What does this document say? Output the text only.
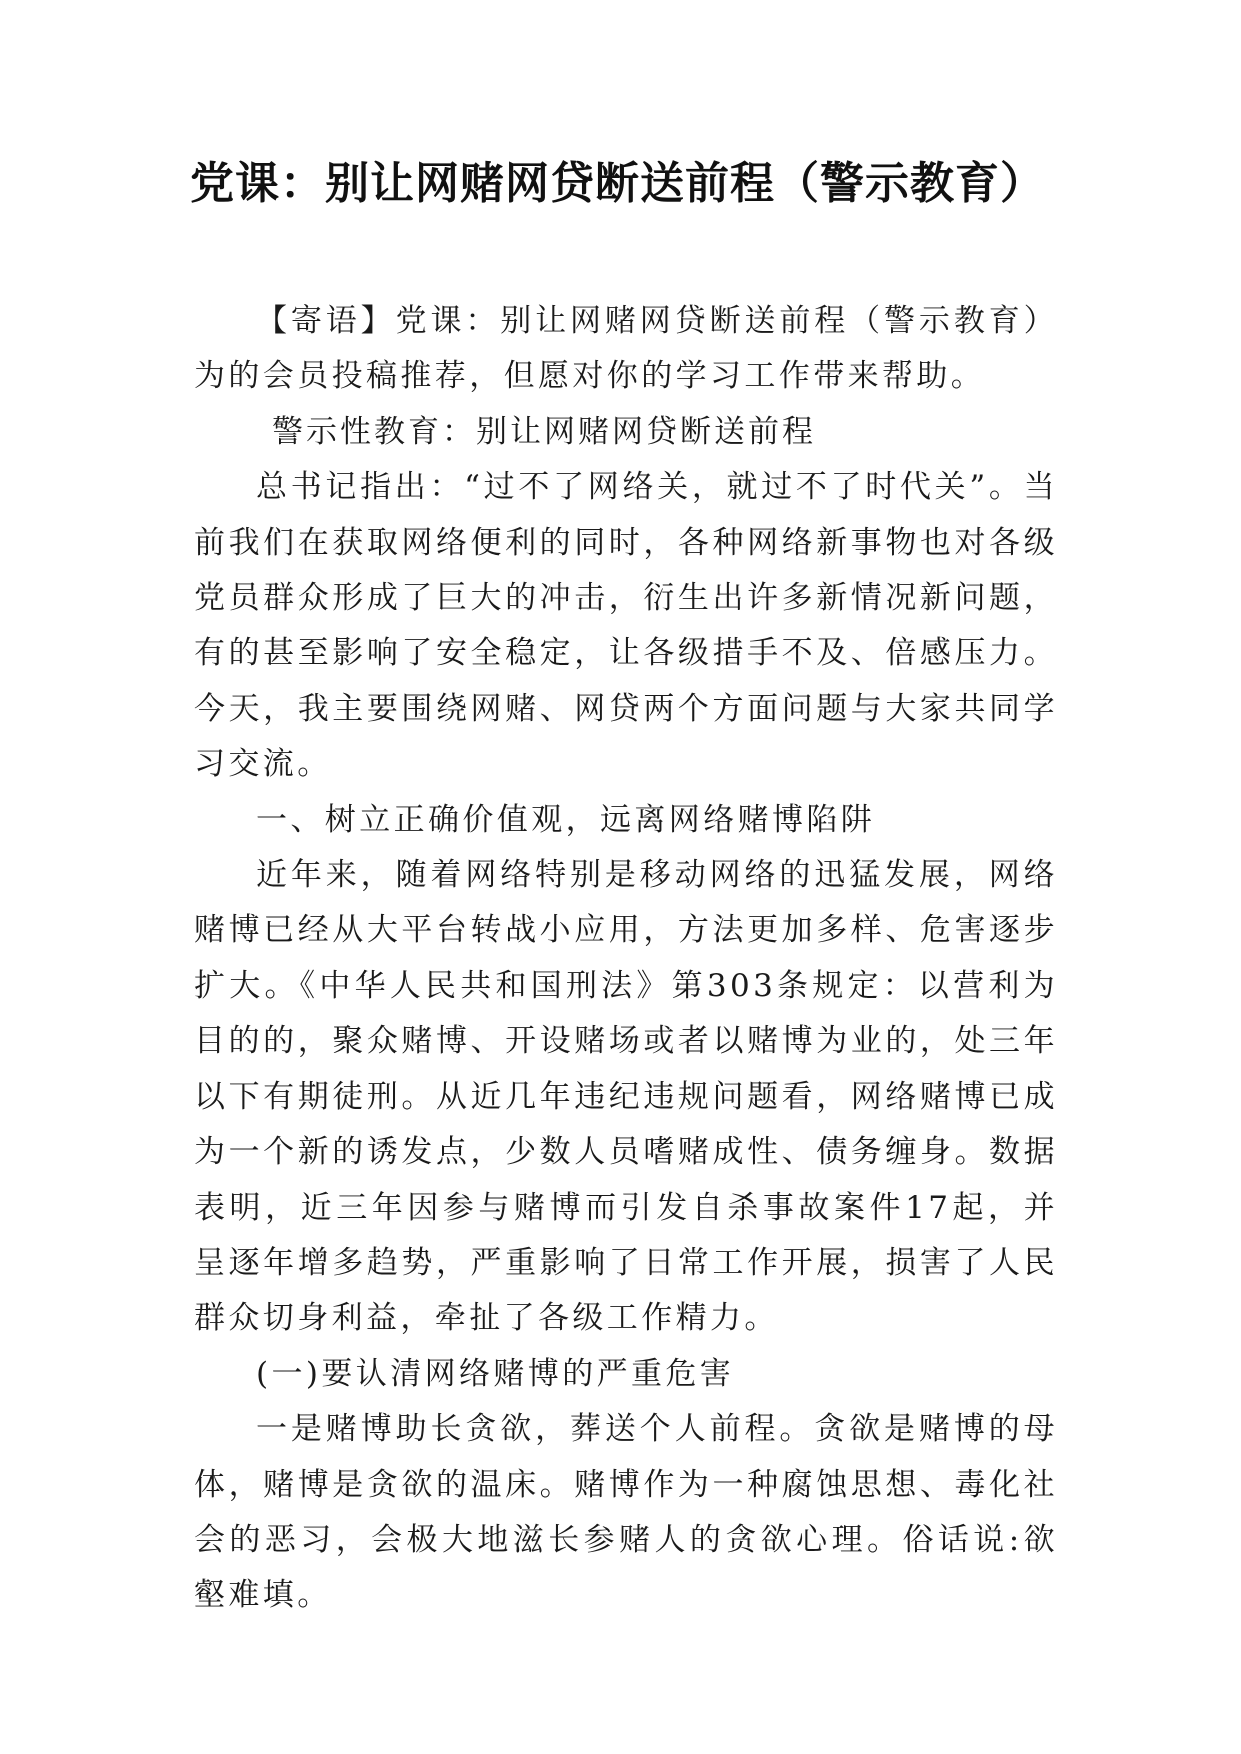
党课：别让网赌网贷断送前程（警示教育）

【寄语】党课：别让网赌网贷断送前程（警示教育）为的会员投稿推荐，但愿对你的学习工作带来帮助。

警示性教育：别让网赌网贷断送前程

总书记指出：“过不了网络关，就过不了时代关”。当前我们在获取网络便利的同时，各种网络新事物也对各级党员群众形成了巨大的冲击，衍生出许多新情况新问题，有的甚至影响了安全稳定，让各级措手不及、倍感压力。今天，我主要围绕网赌、网贷两个方面问题与大家共同学习交流。

一、树立正确价值观，远离网络赌博陷阱

近年来，随着网络特别是移动网络的迅猛发展，网络赌博已经从大平台转战小应用，方法更加多样、危害逐步扩大。《中华人民共和国刑法》第303条规定：以营利为目的的，聚众赌博、开设赌场或者以赌博为业的，处三年以下有期徒刑。从近几年违纪违规问题看，网络赌博已成为一个新的诱发点，少数人员嗜赌成性、债务缠身。数据表明，近三年因参与赌博而引发自杀事故案件17起，并呈逐年增多趋势，严重影响了日常工作开展，损害了人民群众切身利益，牵扯了各级工作精力。

(一)要认清网络赌博的严重危害

一是赌博助长贪欲，葬送个人前程。贪欲是赌博的母体，赌博是贪欲的温床。赌博作为一种腐蚀思想、毒化社会的恶习，会极大地滋长参赌人的贪欲心理。俗话说:欲壑难填。
